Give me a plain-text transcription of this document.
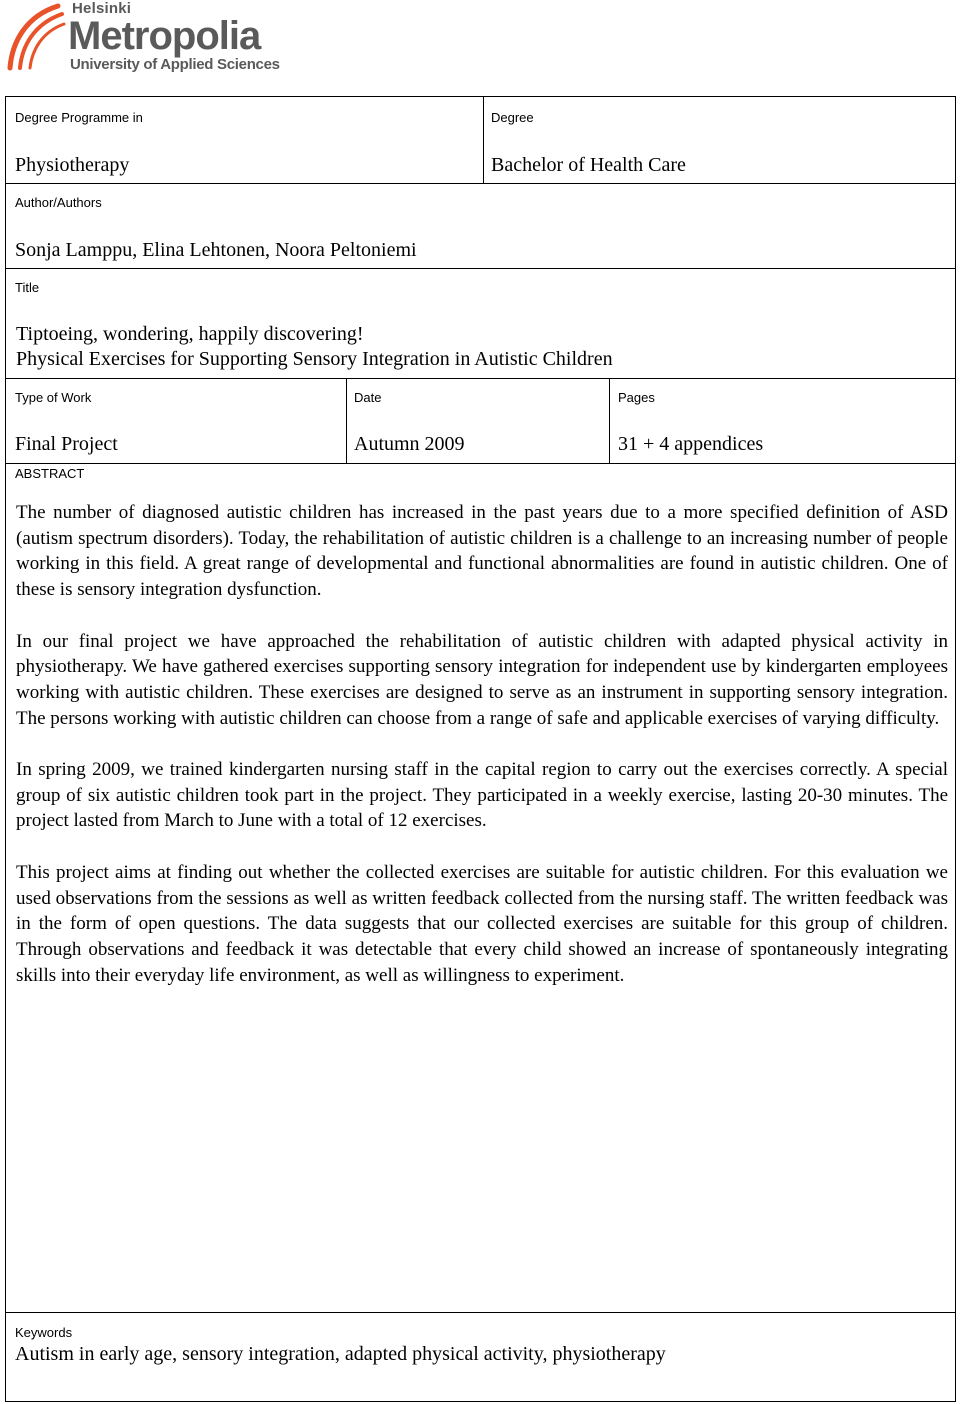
Helsinki
Metropolia
University of Applied Sciences
Degree Programme in
Physiotherapy
Degree
Bachelor of Health Care
Author/Authors
Sonja Lamppu, Elina Lehtonen, Noora Peltoniemi
Title
Tiptoeing, wondering, happily discovering!
Physical Exercises for Supporting Sensory Integration in Autistic Children
Type of Work
Final Project
Date
Autumn 2009
Pages
31 + 4 appendices
ABSTRACT

The number of diagnosed autistic children has increased in the past years due to a more specified definition of ASD (autism spectrum disorders). Today, the rehabilitation of autistic children is a challenge to an increasing number of people working in this field. A great range of developmental and functional abnormalities are found in autistic children. One of these is sensory integration dysfunction.

In our final project we have approached the rehabilitation of autistic children with adapted physical activity in physiotherapy. We have gathered exercises supporting sensory integration for independent use by kindergarten employees working with autistic children. These exercises are designed to serve as an instrument in supporting sensory integration. The persons working with autistic children can choose from a range of safe and applicable exercises of varying difficulty.

In spring 2009, we trained kindergarten nursing staff in the capital region to carry out the exercises correctly. A special group of six autistic children took part in the project. They participated in a weekly exercise, lasting 20-30 minutes. The project lasted from March to June with a total of 12 exercises.

This project aims at finding out whether the collected exercises are suitable for autistic children. For this evaluation we used observations from the sessions as well as written feedback collected from the nursing staff. The written feedback was in the form of open questions. The data suggests that our collected exercises are suitable for this group of children. Through observations and feedback it was detectable that every child showed an increase of spontaneously integrating skills into their everyday life environment, as well as willingness to experiment.

Keywords
Autism in early age, sensory integration, adapted physical activity, physiotherapy
